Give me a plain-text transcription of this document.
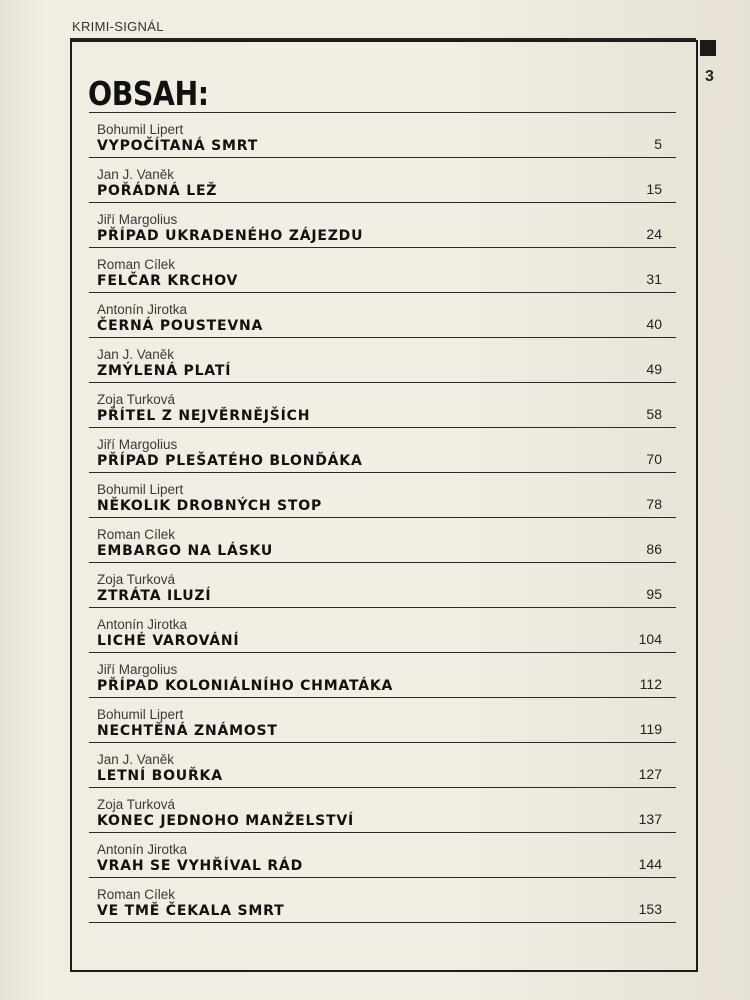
KRIMI-SIGNÁL
3
OBSAH:
Bohumil Lipert
VYPOČÍTANÁ SMRT	5
Jan J. Vaněk
POŘÁDNÁ LEŽ	15
Jiří Margolius
PŘÍPAD UKRADENÉHO ZÁJEZDU	24
Roman Cílek
FELČAR KRCHOV	31
Antonín Jirotka
ČERNÁ POUSTEVNA	40
Jan J. Vaněk
ZMÝLENÁ PLATÍ	49
Zoja Turková
PŘÍTEL Z NEJVĚRNĚJŠÍCH	58
Jiří Margolius
PŘÍPAD PLEŠATÉHO BLONĎÁKA	70
Bohumil Lipert
NĚKOLIK DROBNÝCH STOP	78
Roman Cílek
EMBARGO NA LÁSKU	86
Zoja Turková
ZTRÁTA ILUZÍ	95
Antonín Jirotka
LICHÉ VAROVÁNÍ	104
Jiří Margolius
PŘÍPAD KOLONIÁLNÍHO CHMATÁKA	112
Bohumil Lipert
NECHTĚNÁ ZNÁMOST	119
Jan J. Vaněk
LETNÍ BOUŘKA	127
Zoja Turková
KONEC JEDNOHO MANŽELSTVÍ	137
Antonín Jirotka
VRAH SE VYHŘÍVAL RÁD	144
Roman Cílek
VE TMĚ ČEKALA SMRT	153
